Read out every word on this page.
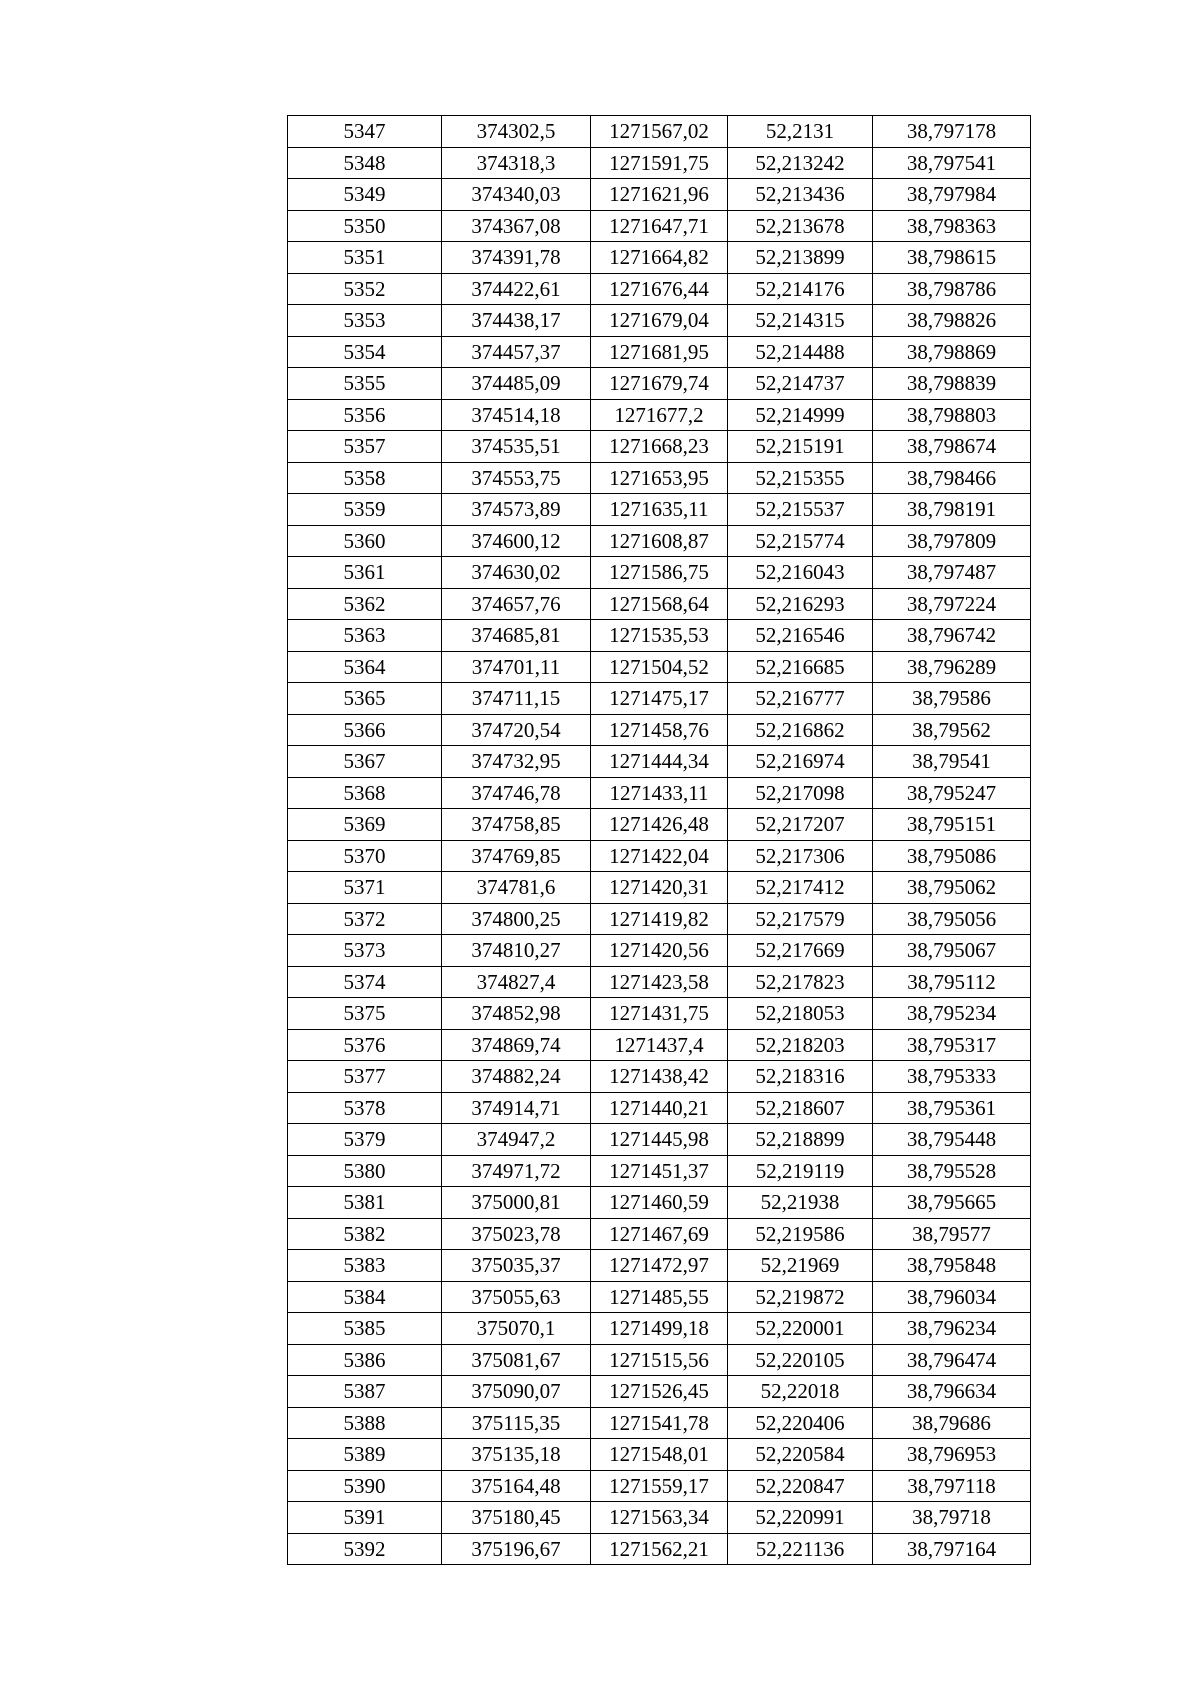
5347	374302,5	1271567,02	52,2131	38,797178
5348	374318,3	1271591,75	52,213242	38,797541
5349	374340,03	1271621,96	52,213436	38,797984
5350	374367,08	1271647,71	52,213678	38,798363
5351	374391,78	1271664,82	52,213899	38,798615
5352	374422,61	1271676,44	52,214176	38,798786
5353	374438,17	1271679,04	52,214315	38,798826
5354	374457,37	1271681,95	52,214488	38,798869
5355	374485,09	1271679,74	52,214737	38,798839
5356	374514,18	1271677,2	52,214999	38,798803
5357	374535,51	1271668,23	52,215191	38,798674
5358	374553,75	1271653,95	52,215355	38,798466
5359	374573,89	1271635,11	52,215537	38,798191
5360	374600,12	1271608,87	52,215774	38,797809
5361	374630,02	1271586,75	52,216043	38,797487
5362	374657,76	1271568,64	52,216293	38,797224
5363	374685,81	1271535,53	52,216546	38,796742
5364	374701,11	1271504,52	52,216685	38,796289
5365	374711,15	1271475,17	52,216777	38,79586
5366	374720,54	1271458,76	52,216862	38,79562
5367	374732,95	1271444,34	52,216974	38,79541
5368	374746,78	1271433,11	52,217098	38,795247
5369	374758,85	1271426,48	52,217207	38,795151
5370	374769,85	1271422,04	52,217306	38,795086
5371	374781,6	1271420,31	52,217412	38,795062
5372	374800,25	1271419,82	52,217579	38,795056
5373	374810,27	1271420,56	52,217669	38,795067
5374	374827,4	1271423,58	52,217823	38,795112
5375	374852,98	1271431,75	52,218053	38,795234
5376	374869,74	1271437,4	52,218203	38,795317
5377	374882,24	1271438,42	52,218316	38,795333
5378	374914,71	1271440,21	52,218607	38,795361
5379	374947,2	1271445,98	52,218899	38,795448
5380	374971,72	1271451,37	52,219119	38,795528
5381	375000,81	1271460,59	52,21938	38,795665
5382	375023,78	1271467,69	52,219586	38,79577
5383	375035,37	1271472,97	52,21969	38,795848
5384	375055,63	1271485,55	52,219872	38,796034
5385	375070,1	1271499,18	52,220001	38,796234
5386	375081,67	1271515,56	52,220105	38,796474
5387	375090,07	1271526,45	52,22018	38,796634
5388	375115,35	1271541,78	52,220406	38,79686
5389	375135,18	1271548,01	52,220584	38,796953
5390	375164,48	1271559,17	52,220847	38,797118
5391	375180,45	1271563,34	52,220991	38,79718
5392	375196,67	1271562,21	52,221136	38,797164
